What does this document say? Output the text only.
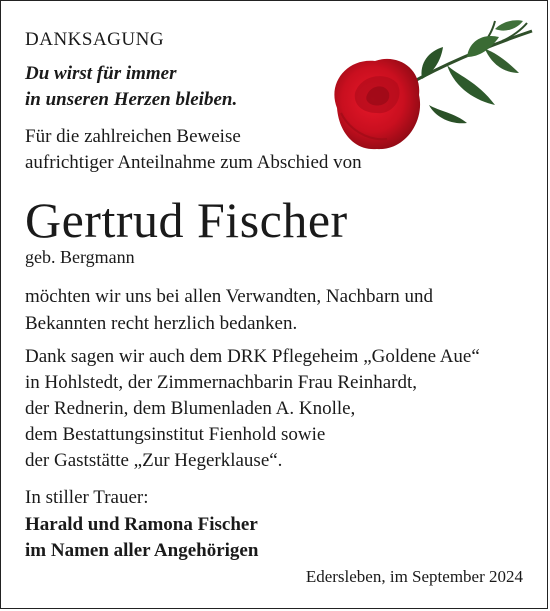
DANKSAGUNG
Du wirst für immer
in unseren Herzen bleiben.
Für die zahlreichen Beweise
aufrichtiger Anteilnahme zum Abschied von
Gertrud Fischer
geb. Bergmann
möchten wir uns bei allen Verwandten, Nachbarn und
Bekannten recht herzlich bedanken.
Dank sagen wir auch dem DRK Pflegeheim „Goldene Aue“
in Hohlstedt, der Zimmernachbarin Frau Reinhardt,
der Rednerin, dem Blumenladen A. Knolle,
dem Bestattungsinstitut Fienhold sowie
der Gaststätte „Zur Hegerklause“.
In stiller Trauer:
Harald und Ramona Fischer
im Namen aller Angehörigen
Edersleben, im September 2024
